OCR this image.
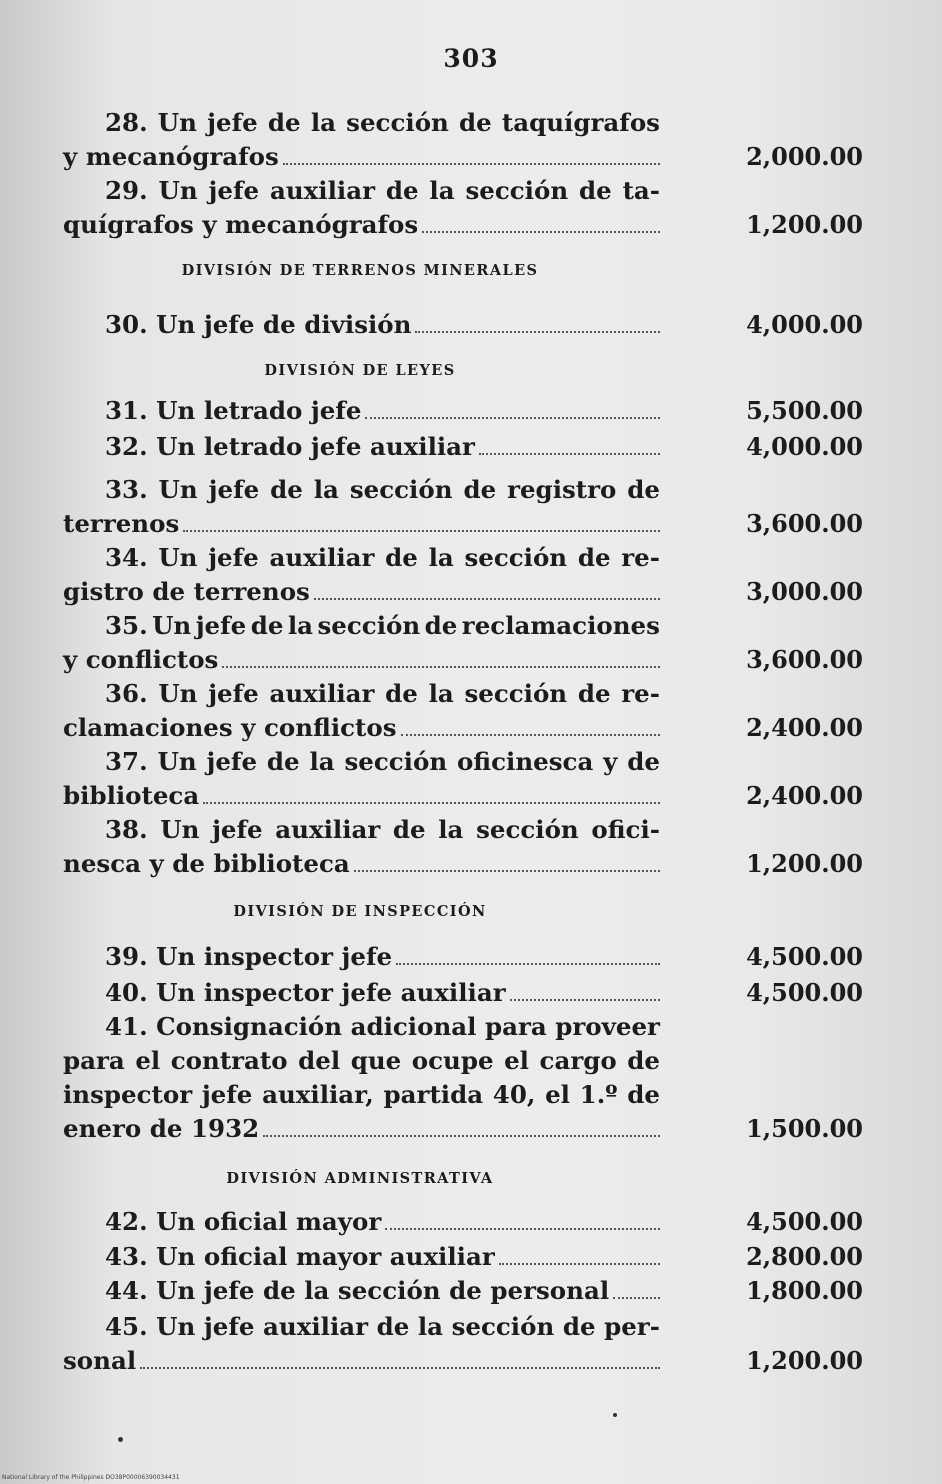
303
DIVISIÓN DE TERRENOS MINERALES
DIVISIÓN DE LEYES
DIVISIÓN DE INSPECCIÓN
DIVISIÓN ADMINISTRATIVA
28. Un jefe de la sección de taquígrafos
y mecanógrafos	2,000.00
29. Un jefe auxiliar de la sección de ta-
quígrafos y mecanógrafos	1,200.00
30. Un jefe de división	4,000.00
31. Un letrado jefe	5,500.00
32. Un letrado jefe auxiliar	4,000.00
33. Un jefe de la sección de registro de
terrenos	3,600.00
34. Un jefe auxiliar de la sección de re-
gistro de terrenos	3,000.00
35. Un jefe de la sección de reclamaciones
y conflictos	3,600.00
36. Un jefe auxiliar de la sección de re-
clamaciones y conflictos	2,400.00
37. Un jefe de la sección oficinesca y de
biblioteca	2,400.00
38. Un jefe auxiliar de la sección ofici-
nesca y de biblioteca	1,200.00
39. Un inspector jefe	4,500.00
40. Un inspector jefe auxiliar	4,500.00
41. Consignación adicional para proveer
para el contrato del que ocupe el cargo de
inspector jefe auxiliar, partida 40, el 1.º de
enero de 1932	1,500.00
42. Un oficial mayor	4,500.00
43. Un oficial mayor auxiliar	2,800.00
44. Un jefe de la sección de personal	1,800.00
45. Un jefe auxiliar de la sección de per-
sonal	1,200.00
National Library of the Philippines DO38P00006390034431
